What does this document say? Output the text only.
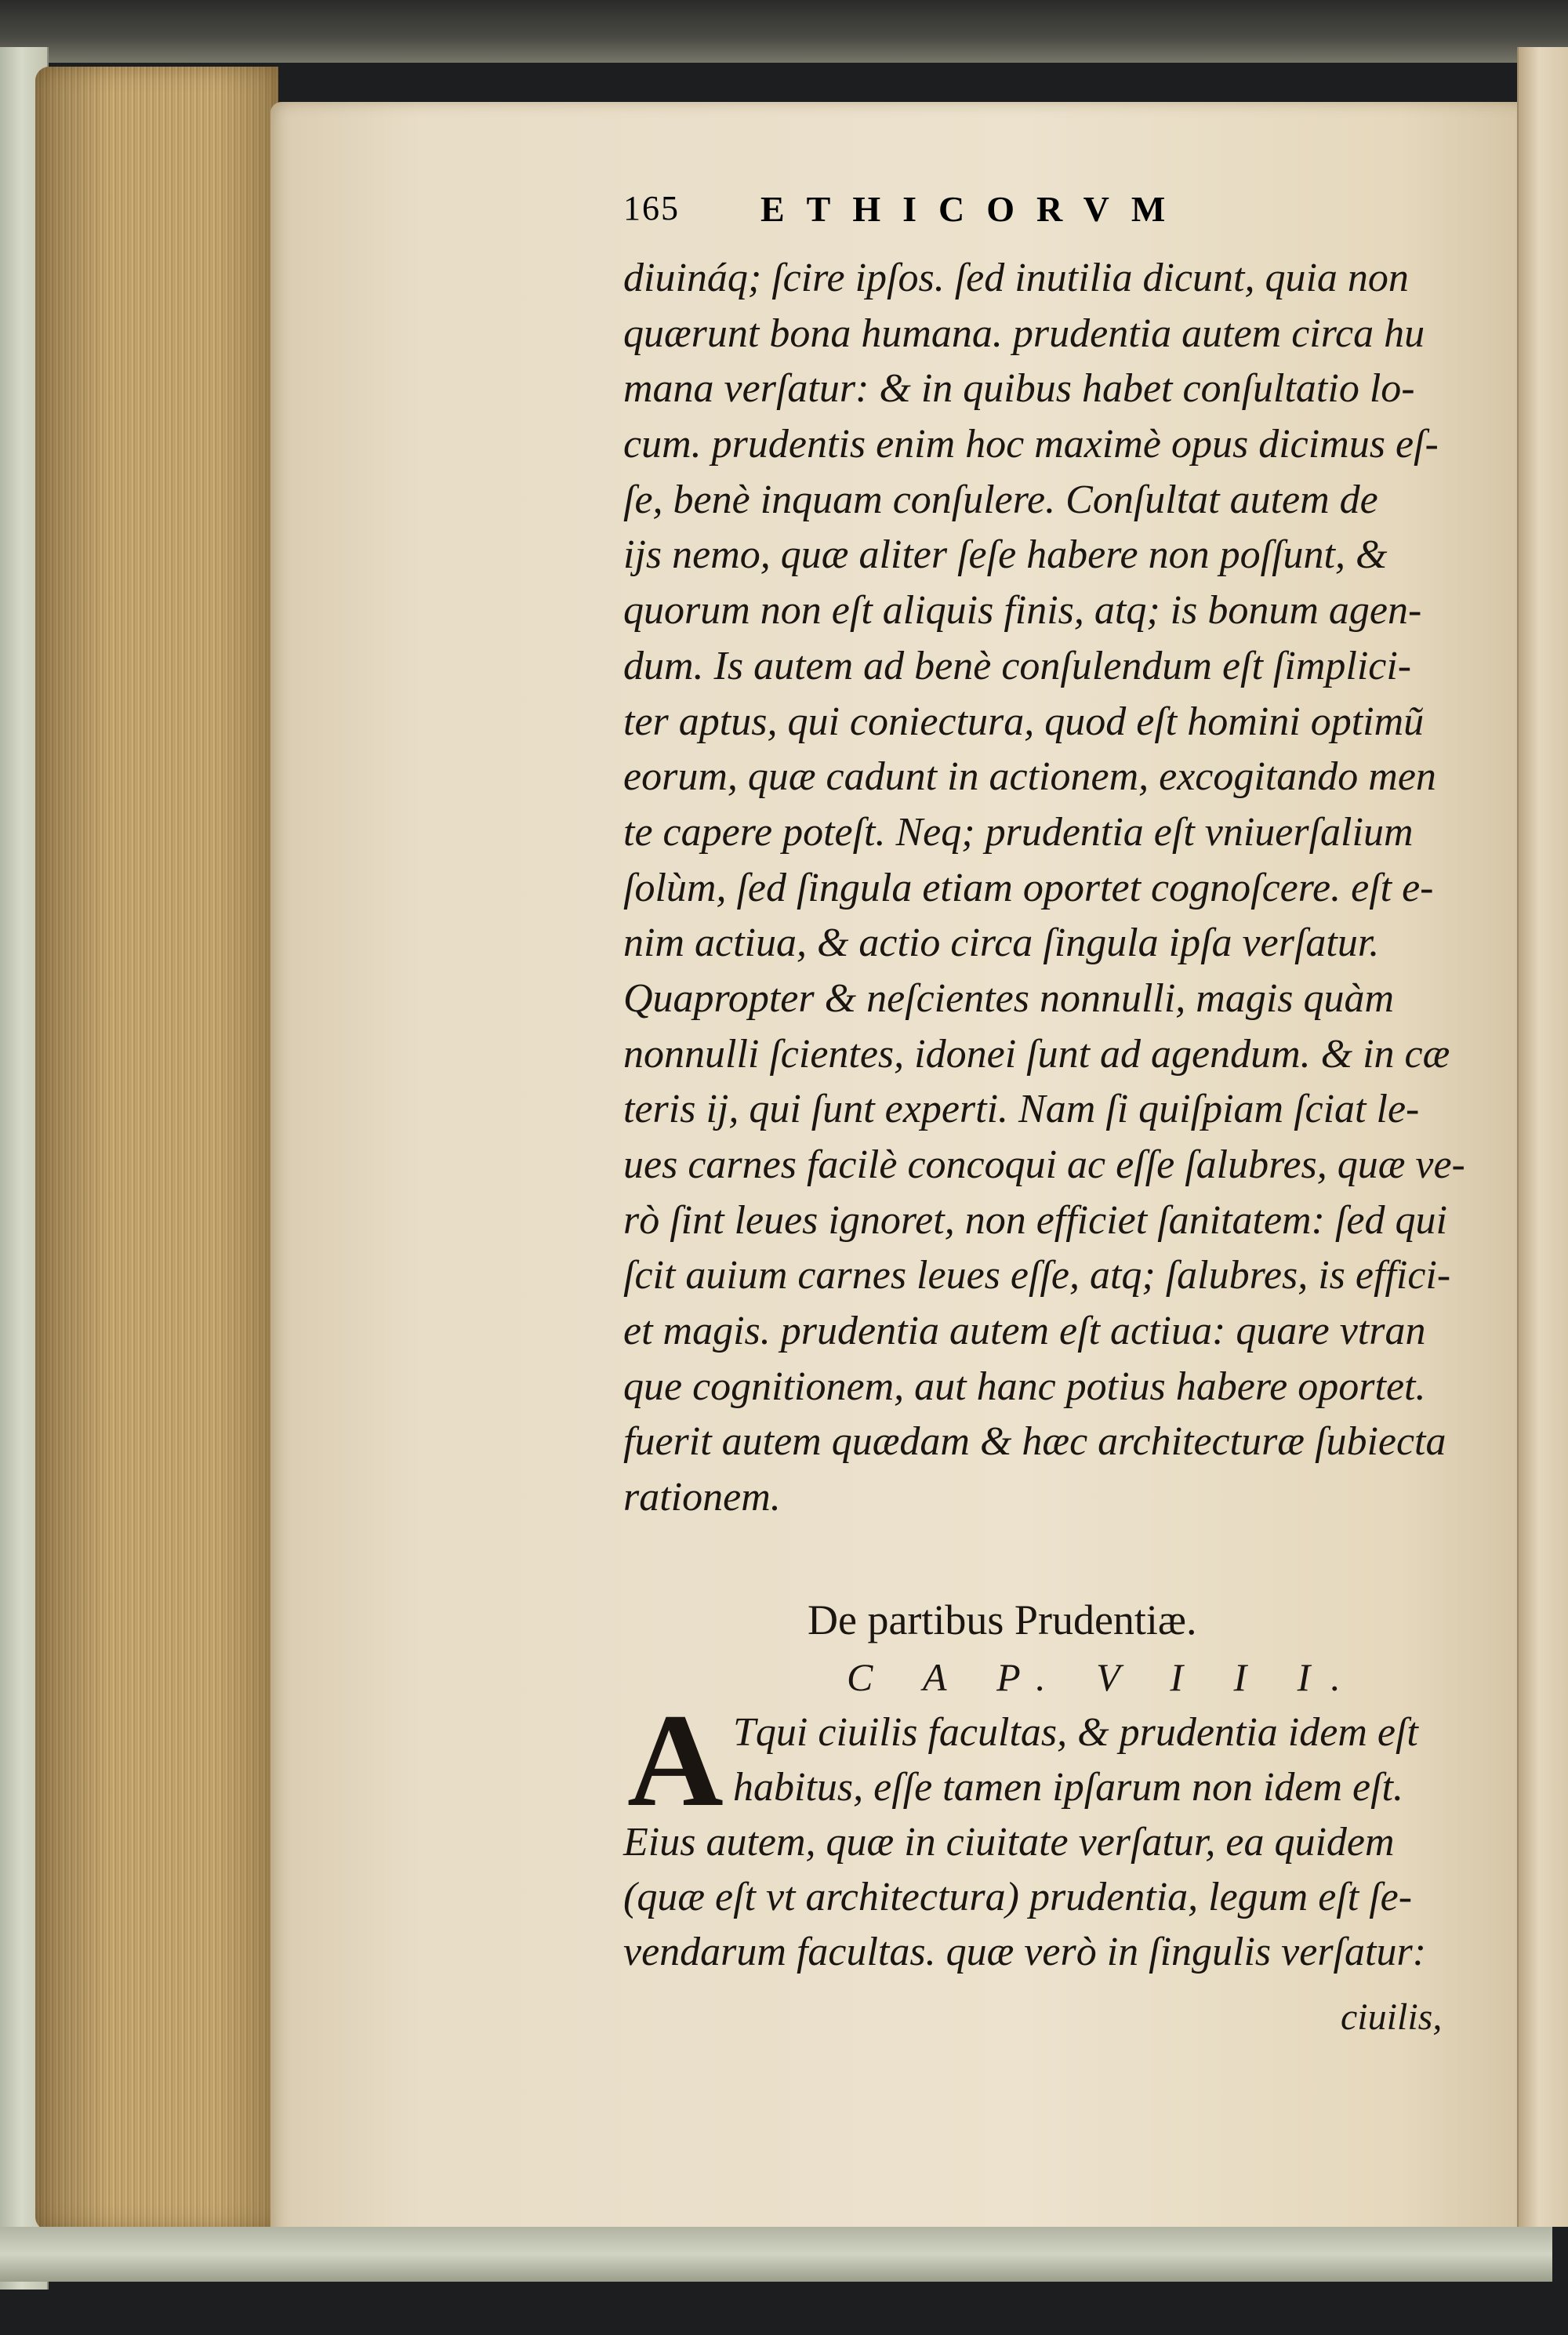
165 ETHICORVM
diuináq; ſcire ipſos. ſed inutilia dicunt, quia non
quærunt bona humana. prudentia autem circa hu
mana verſatur: & in quibus habet conſultatio lo-
cum. prudentis enim hoc maximè opus dicimus eſ-
ſe, benè inquam conſulere. Conſultat autem de
ijs nemo, quæ aliter ſeſe habere non poſſunt, &
quorum non eſt aliquis finis, atq; is bonum agen-
dum. Is autem ad benè conſulendum eſt ſimplici-
ter aptus, qui coniectura, quod eſt homini optimũ
eorum, quæ cadunt in actionem, excogitando men
te capere poteſt. Neq; prudentia eſt vniuerſalium
ſolùm, ſed ſingula etiam oportet cognoſcere. eſt e-
nim actiua, & actio circa ſingula ipſa verſatur.
Quapropter & neſcientes nonnulli, magis quàm
nonnulli ſcientes, idonei ſunt ad agendum. & in cæ
teris ij, qui ſunt experti. Nam ſi quiſpiam ſciat le-
ues carnes facilè concoqui ac eſſe ſalubres, quæ ve-
rò ſint leues ignoret, non efficiet ſanitatem: ſed qui
ſcit auium carnes leues eſſe, atq; ſalubres, is effici-
et magis. prudentia autem eſt actiua: quare vtran
que cognitionem, aut hanc potius habere oportet.
fuerit autem quædam & hæc architecturæ ſubiecta
rationem.
De partibus Prudentiæ.
C A P. V I I I.
A Tqui ciuilis facultas, & prudentia idem eſt
habitus, eſſe tamen ipſarum non idem eſt.
Eius autem, quæ in ciuitate verſatur, ea quidem
(quæ eſt vt architectura) prudentia, legum eſt ſe-
vendarum facultas. quæ verò in ſingulis verſatur:
ciuilis,
